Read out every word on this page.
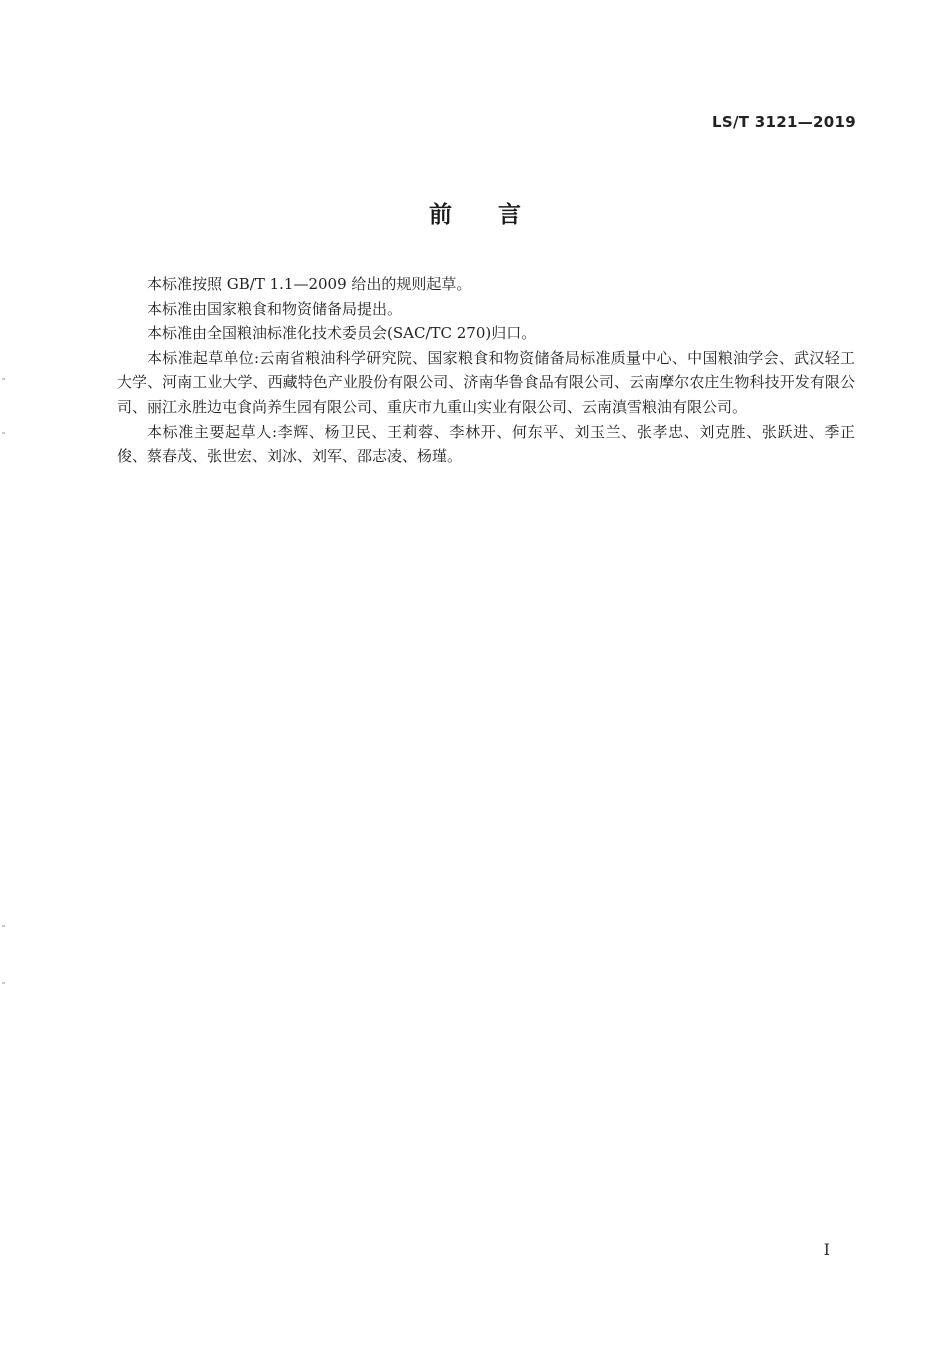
LS/T 3121—2019
前 言

本标准按照 GB/T 1.1—2009 给出的规则起草。

本标准由国家粮食和物资储备局提出。

本标准由全国粮油标准化技术委员会(SAC/TC 270)归口。

本标准起草单位:云南省粮油科学研究院、国家粮食和物资储备局标准质量中心、中国粮油学会、武汉轻工大学、河南工业大学、西藏特色产业股份有限公司、济南华鲁食品有限公司、云南摩尔农庄生物科技开发有限公司、丽江永胜边屯食尚养生园有限公司、重庆市九重山实业有限公司、云南滇雪粮油有限公司。

本标准主要起草人:李辉、杨卫民、王莉蓉、李林开、何东平、刘玉兰、张孝忠、刘克胜、张跃进、季正俊、蔡春茂、张世宏、刘冰、刘军、邵志凌、杨瑾。

I
